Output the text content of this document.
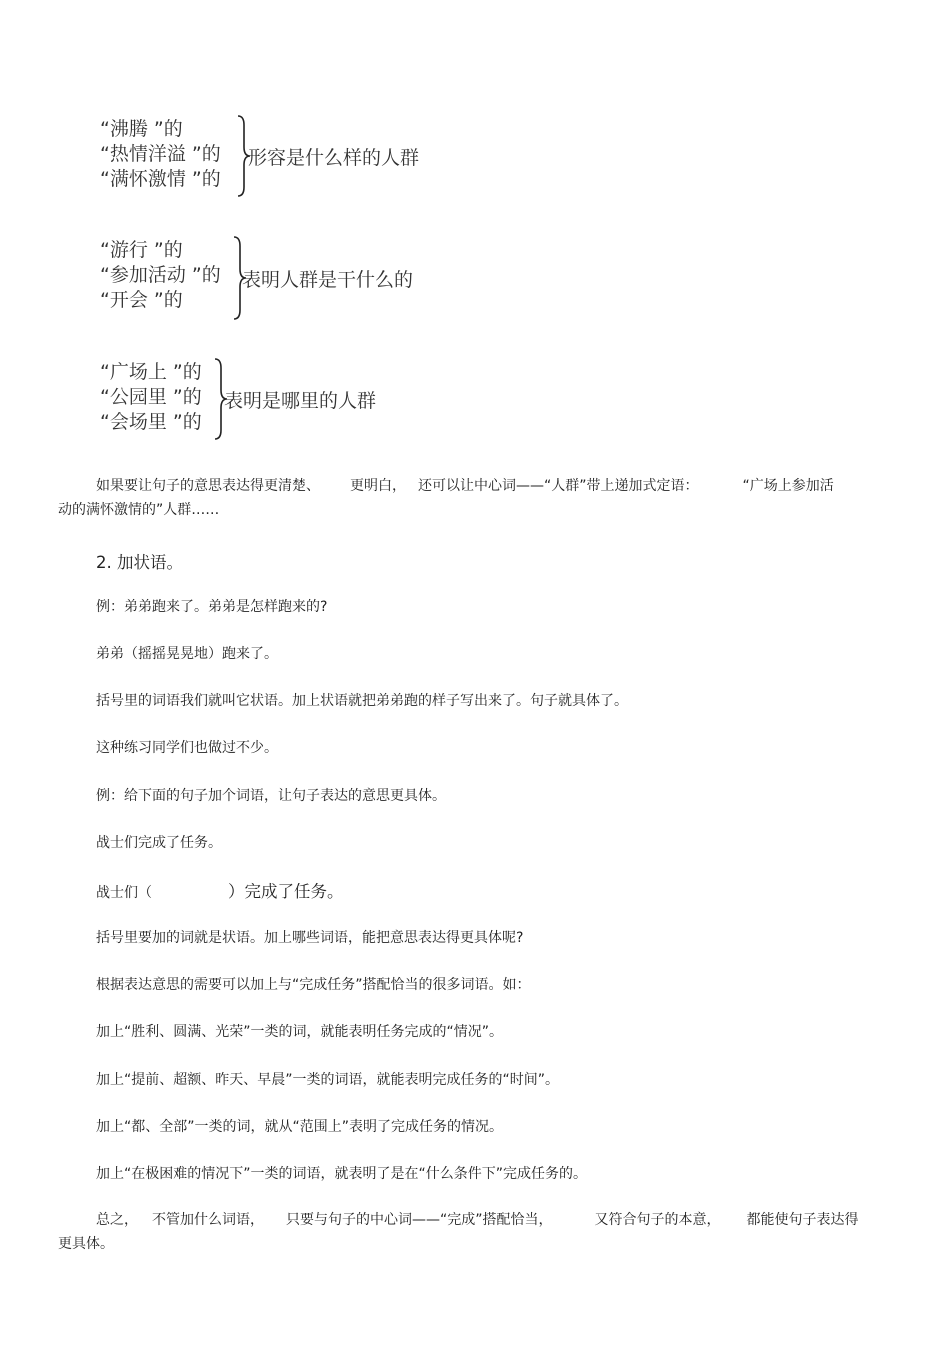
“沸腾 ”的
“热情洋溢 ”的
“满怀激情 ”的
形容是什么样的人群
“游行 ”的
“参加活动 ”的
“开会 ”的
表明人群是干什么的
“广场上 ”的
“公园里 ”的
“会场里 ”的
表明是哪里的人群
如果要让句子的意思表达得更清楚、 更明白， 还可以让中心词——“人群”带上递加式定语：	“广场上参加活
动的满怀激情的”人群……
2. 加状语。
例：弟弟跑来了。弟弟是怎样跑来的?
弟弟（摇摇晃晃地）跑来了。
括号里的词语我们就叫它状语。加上状语就把弟弟跑的样子写出来了。句子就具体了。
这种练习同学们也做过不少。
例：给下面的句子加个词语，让句子表达的意思更具体。
战士们完成了任务。
战士们（	）完成了任务。
括号里要加的词就是状语。加上哪些词语，能把意思表达得更具体呢?
根据表达意思的需要可以加上与“完成任务”搭配恰当的很多词语。如：
加上“胜利、圆满、光荣”一类的词，就能表明任务完成的“情况”。
加上“提前、超额、昨天、早晨”一类的词语，就能表明完成任务的“时间”。
加上“都、全部”一类的词，就从“范围上”表明了完成任务的情况。
加上“在极困难的情况下”一类的词语，就表明了是在“什么条件下”完成任务的。
总之， 不管加什么词语， 只要与句子的中心词——“完成”搭配恰当，	又符合句子的本意， 都能使句子表达得
更具体。
